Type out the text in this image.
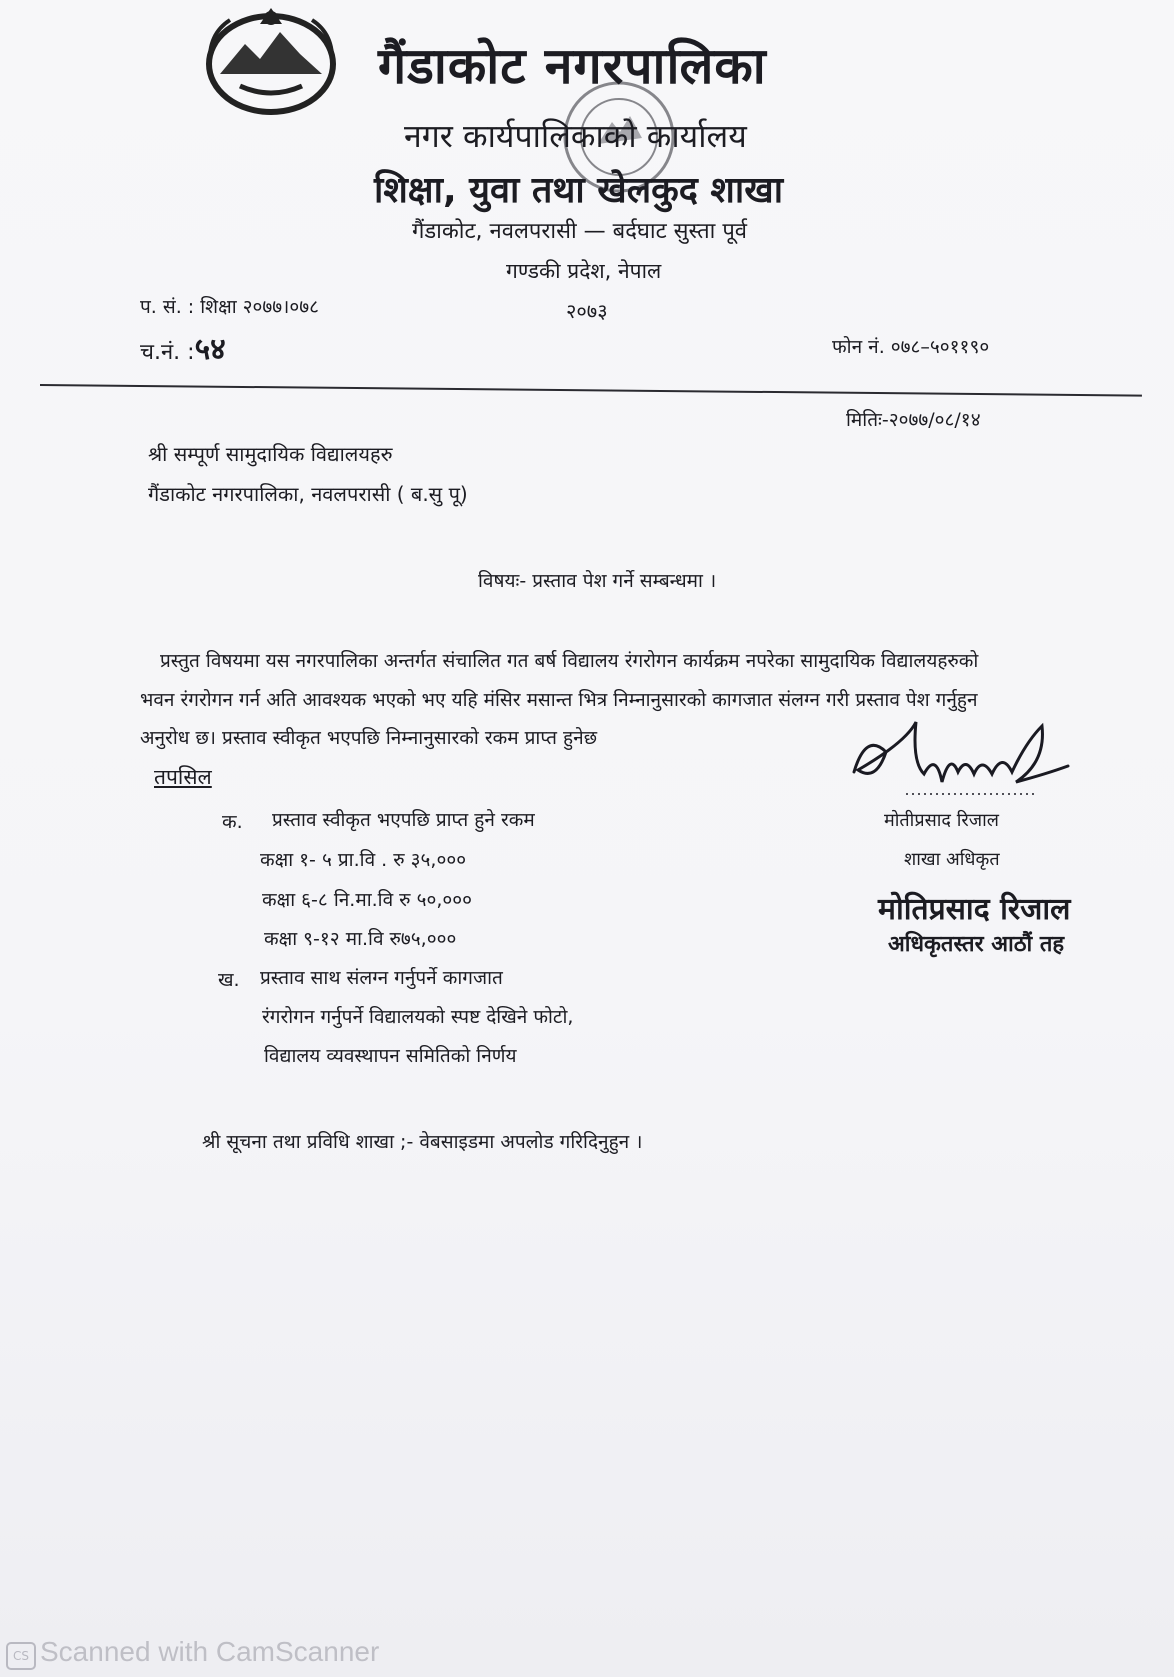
गैंडाकोट नगरपालिका
नगर कार्यपालिकाको कार्यालय
शिक्षा, युवा तथा खेलकुद शाखा
गैंडाकोट, नवलपरासी — बर्दघाट सुस्ता पूर्व
गण्डकी प्रदेश, नेपाल
२०७३
प. सं. : शिक्षा २०७७।०७८
च.नं. :५४	फोन नं. ०७८–५०११९०
मितिः-२०७७/०८/१४
श्री सम्पूर्ण सामुदायिक विद्यालयहरु
गैंडाकोट नगरपालिका, नवलपरासी ( ब.सु पू)
विषयः- प्रस्ताव पेश गर्ने सम्बन्धमा ।
प्रस्तुत विषयमा यस नगरपालिका अन्तर्गत संचालित गत बर्ष विद्यालय रंगरोगन कार्यक्रम नपरेका सामुदायिक विद्यालयहरुको
भवन रंगरोगन गर्न अति आवश्यक भएको भए यहि मंसिर मसान्त भित्र निम्नानुसारको कागजात संलग्न गरी प्रस्ताव पेश गर्नुहुन
अनुरोध छ। प्रस्ताव स्वीकृत भएपछि निम्नानुसारको रकम प्राप्त हुनेछ
तपसिल
क. प्रस्ताव स्वीकृत भएपछि प्राप्त हुने रकम
कक्षा १- ५ प्रा.वि . रु ३५,०००
कक्षा ६-८ नि.मा.वि रु ५०,०००
कक्षा ९-१२ मा.वि रु७५,०००
ख. प्रस्ताव साथ संलग्न गर्नुपर्ने कागजात
रंगरोगन गर्नुपर्ने विद्यालयको स्पष्ट देखिने फोटो,
विद्यालय व्यवस्थापन समितिको निर्णय
श्री सूचना तथा प्रविधि शाखा ;- वेबसाइडमा अपलोड गरिदिनुहुन ।
मोतीप्रसाद रिजाल
शाखा अधिकृत
मोतिप्रसाद रिजाल
अधिकृतस्तर आठौं तह
CS Scanned with CamScanner
